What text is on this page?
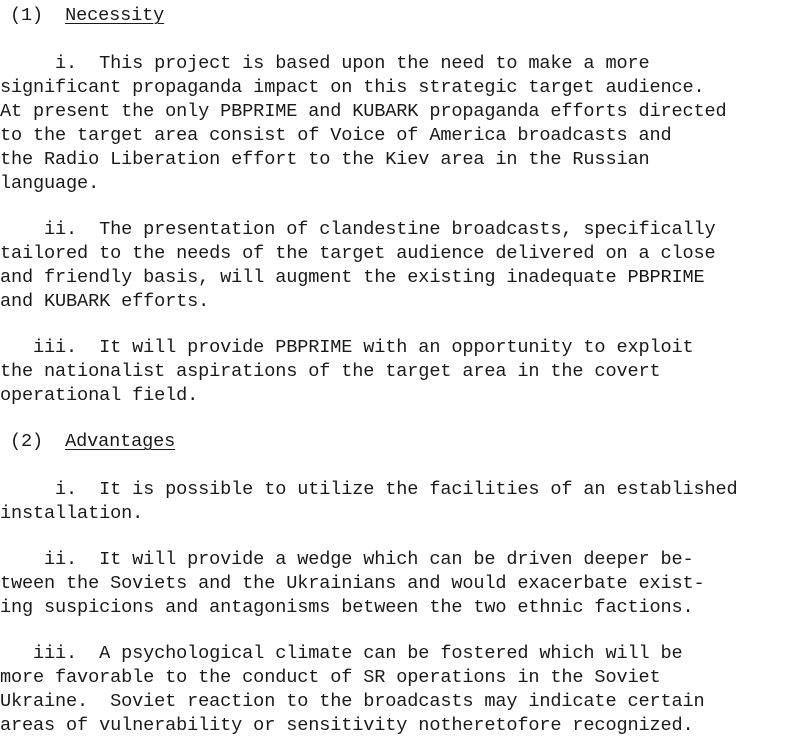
(1) Necessity
i.  This project is based upon the need to make a more
significant propaganda impact on this strategic target audience.
At present the only PBPRIME and KUBARK propaganda efforts directed
to the target area consist of Voice of America broadcasts and
the Radio Liberation effort to the Kiev area in the Russian
language.
ii.  The presentation of clandestine broadcasts, specifically
tailored to the needs of the target audience delivered on a close
and friendly basis, will augment the existing inadequate PBPRIME
and KUBARK efforts.
iii.  It will provide PBPRIME with an opportunity to exploit
the nationalist aspirations of the target area in the covert
operational field.
(2) Advantages
i.  It is possible to utilize the facilities of an established
installation.
ii.  It will provide a wedge which can be driven deeper be-
tween the Soviets and the Ukrainians and would exacerbate exist-
ing suspicions and antagonisms between the two ethnic factions.
iii.  A psychological climate can be fostered which will be
more favorable to the conduct of SR operations in the Soviet
Ukraine.  Soviet reaction to the broadcasts may indicate certain
areas of vulnerability or sensitivity notheretofore recognized.
